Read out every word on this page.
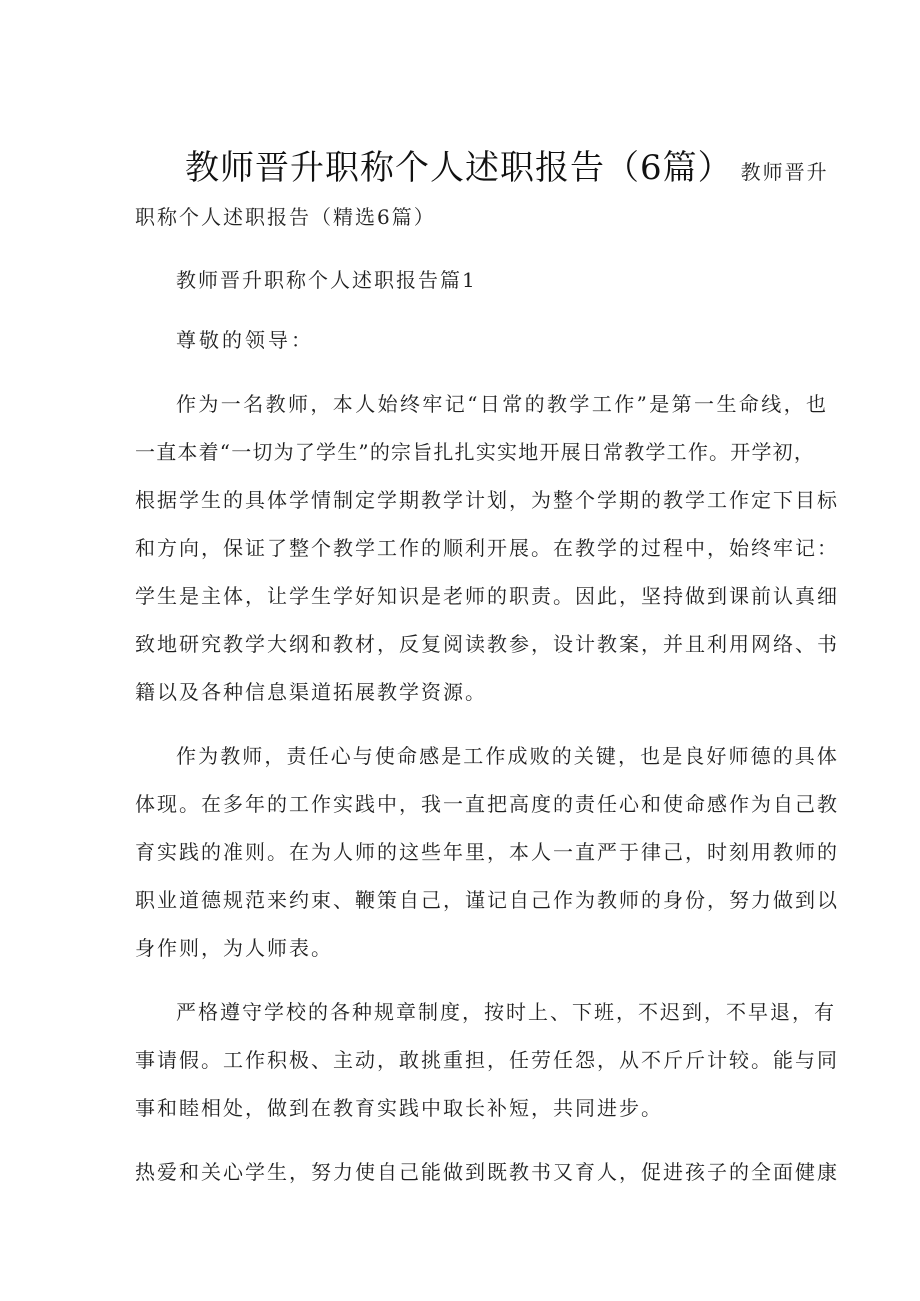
教师晋升职称个人述职报告（6篇） 教师晋升
职称个人述职报告（精选6篇）
教师晋升职称个人述职报告篇1
尊敬的领导：
作为一名教师，本人始终牢记“日常的教学工作”是第一生命线，也
一直本着“一切为了学生”的宗旨扎扎实实地开展日常教学工作。开学初，
根据学生的具体学情制定学期教学计划，为整个学期的教学工作定下目标
和方向，保证了整个教学工作的顺利开展。在教学的过程中，始终牢记：
学生是主体，让学生学好知识是老师的职责。因此，坚持做到课前认真细
致地研究教学大纲和教材，反复阅读教参，设计教案，并且利用网络、书
籍以及各种信息渠道拓展教学资源。
作为教师，责任心与使命感是工作成败的关键，也是良好师德的具体
体现。在多年的工作实践中，我一直把高度的责任心和使命感作为自己教
育实践的准则。在为人师的这些年里，本人一直严于律己，时刻用教师的
职业道德规范来约束、鞭策自己，谨记自己作为教师的身份，努力做到以
身作则，为人师表。
严格遵守学校的各种规章制度，按时上、下班，不迟到，不早退，有
事请假。工作积极、主动，敢挑重担，任劳任怨，从不斤斤计较。能与同
事和睦相处，做到在教育实践中取长补短，共同进步。
热爱和关心学生，努力使自己能做到既教书又育人，促进孩子的全面健康
